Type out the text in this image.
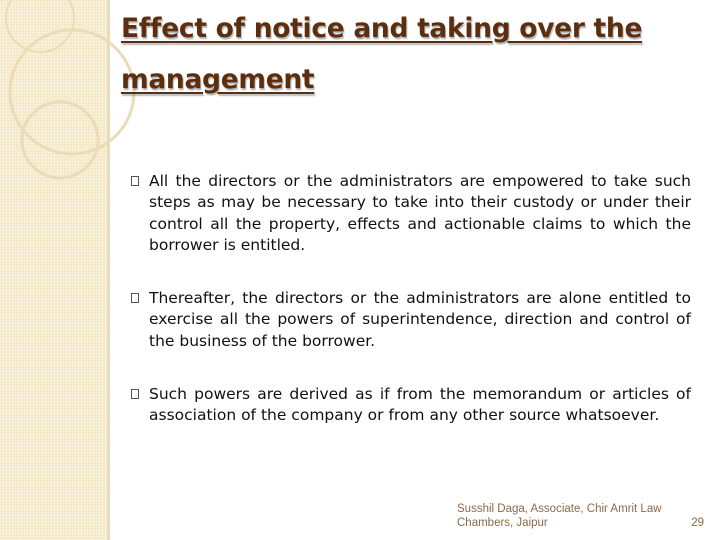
Effect of notice and taking over the management
All the directors or the administrators are empowered to take such steps as may be necessary to take into their custody or under their control all the property, effects and actionable claims to which the borrower is entitled.
Thereafter, the directors or the administrators are alone entitled to exercise all the powers of superintendence, direction and control of the business of the borrower.
Such powers are derived as if from the memorandum or articles of association of the company or from any other source whatsoever.
Susshil Daga, Associate, Chir Amrit Law Chambers, Jaipur	29
